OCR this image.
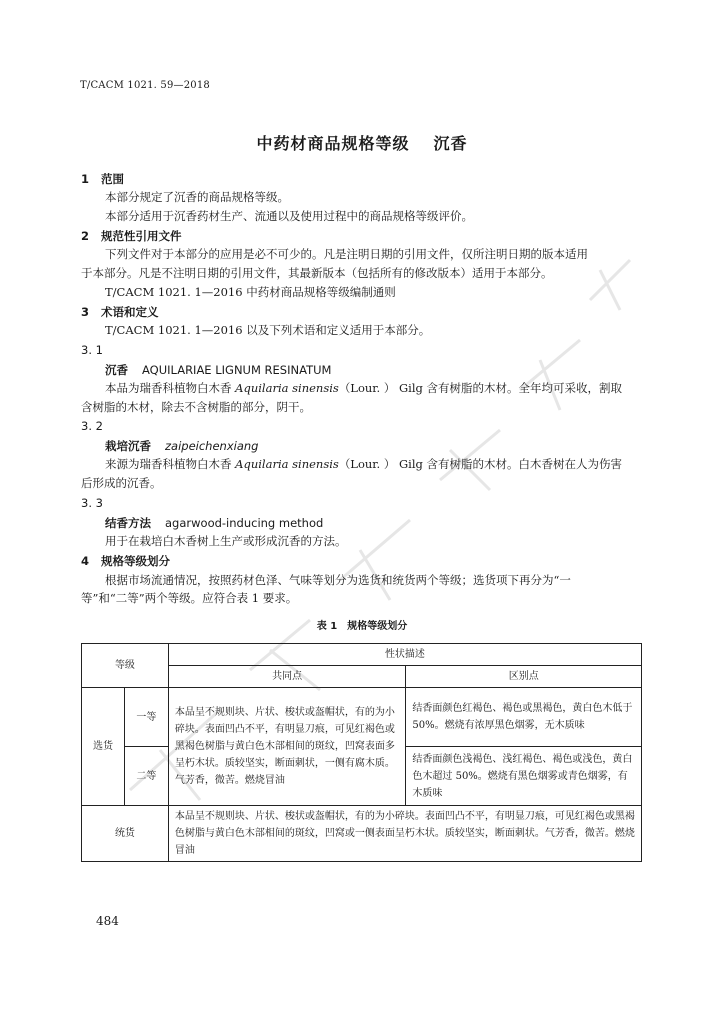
T/CACM 1021. 59—2018
中药材商品规格等级 沉香
1 范围
本部分规定了沉香的商品规格等级。
本部分适用于沉香药材生产、流通以及使用过程中的商品规格等级评价。
2 规范性引用文件
下列文件对于本部分的应用是必不可少的。凡是注明日期的引用文件，仅所注明日期的版本适用
于本部分。凡是不注明日期的引用文件，其最新版本（包括所有的修改版本）适用于本部分。
T/CACM 1021. 1—2016 中药材商品规格等级编制通则
3 术语和定义
T/CACM 1021. 1—2016 以及下列术语和定义适用于本部分。
3. 1
沉香 AQUILARIAE LIGNUM RESINATUM
本品为瑞香科植物白木香 Aquilaria sinensis（Lour. ） Gilg 含有树脂的木材。全年均可采收，割取
含树脂的木材，除去不含树脂的部分，阴干。
3. 2
栽培沉香 zaipeichenxiang
来源为瑞香科植物白木香 Aquilaria sinensis（Lour. ） Gilg 含有树脂的木材。白木香树在人为伤害
后形成的沉香。
3. 3
结香方法 agarwood-inducing method
用于在栽培白木香树上生产或形成沉香的方法。
4 规格等级划分
根据市场流通情况，按照药材色泽、气味等划分为选货和统货两个等级；选货项下再分为“一
等”和“二等”两个等级。应符合表 1 要求。
表 1 规格等级划分
等级		性状描述	
		共同点	区别点
选货	一等	本品呈不规则块、片状、梭状或盔帽状，有的为小碎块。表面凹凸不平，有明显刀痕，可见红褐色或黑褐色树脂与黄白色木部相间的斑纹，凹窝表面多呈朽木状。质较坚实，断面刺状，一侧有腐木质。气芳香，微苦。燃烧冒油	结香面颜色红褐色、褐色或黑褐色，黄白色木低于 50%。燃烧有浓厚黑色烟雾，无木质味
	二等		结香面颜色浅褐色、浅红褐色、褐色或浅色，黄白色木超过 50%。燃烧有黑色烟雾或青色烟雾，有木质味
统货		本品呈不规则块、片状、梭状或盔帽状，有的为小碎块。表面凹凸不平，有明显刀痕，可见红褐色或黑褐色树脂与黄白色木部相间的斑纹，凹窝或一侧表面呈朽木状。质较坚实，断面刺状。气芳香，微苦。燃烧冒油	
484
